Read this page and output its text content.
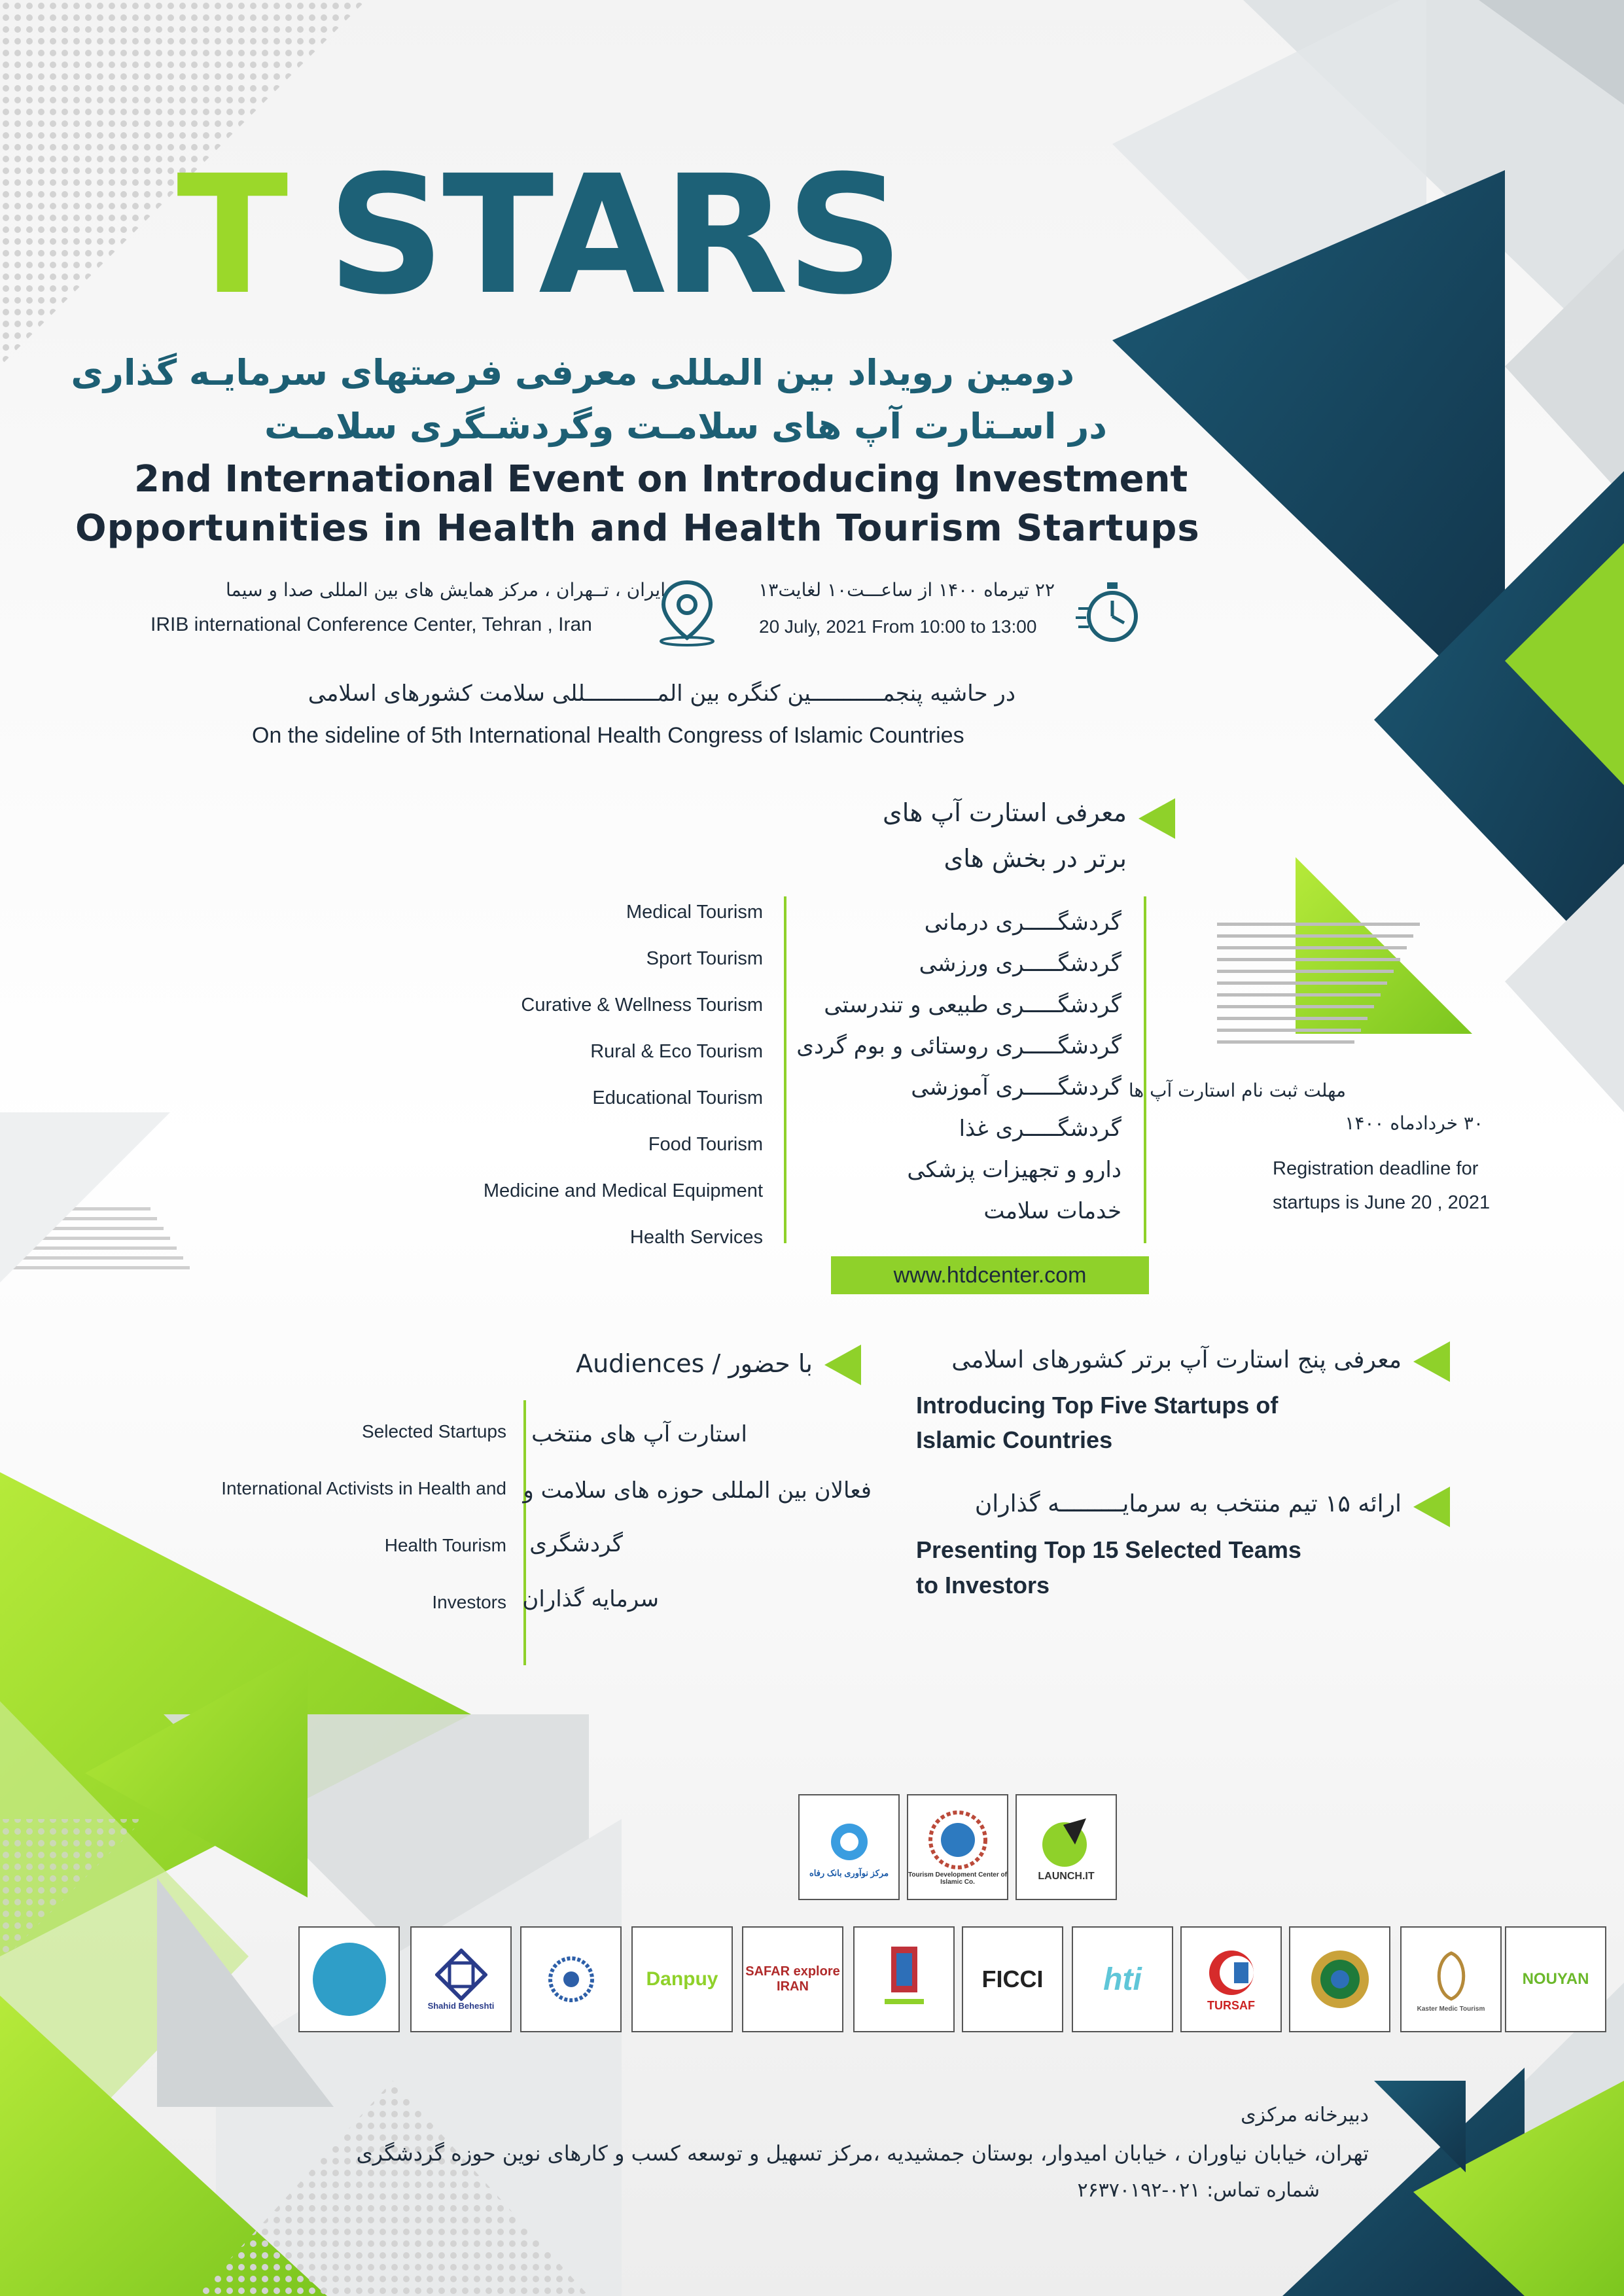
T STARS
دومین رویداد بین المللی معرفی فرصتهای سرمایـه گذاری
در اسـتارت آپ های سلامـت وگردشـگری سلامـت
2nd International Event on Introducing Investment
Opportunities in Health and Health Tourism Startups
ایران ، تــهران ، مرکز همایش های بین المللی صدا و سیما
IRIB international Conference Center, Tehran , Iran
۲۲ تیرماه ۱۴۰۰ از ساعـــت۱۰ لغایت۱۳
20 July, 2021 From 10:00 to 13:00
در حاشیه پنجمـــــــــــین کنگره بین المـــــــــــللی سلامت کشورهای اسلامی
On the sideline of 5th International Health Congress of Islamic Countries
معرفی استارت آپ های
برتر در بخش های
Medical Tourism
Sport Tourism
Curative & Wellness Tourism
Rural & Eco Tourism
Educational Tourism
Food Tourism
Medicine and Medical Equipment
Health Services
گردشگـــــری درمانی
گردشگـــــری ورزشی
گردشگـــــری طبیعی و تندرستی
گردشگـــــری روستائی و بوم گردی
گردشگـــــری آموزشی
گردشگـــــری غذا
دارو و تجهیزات پزشکی
خدمات سلامت
مهلت ثبت نام استارت آپ ها
۳۰ خردادماه ۱۴۰۰
Registration deadline for
startups is June 20 , 2021
www.htdcenter.com
با حضور / Audiences
Selected Startups
International Activists in Health and
Health Tourism
Investors
استارت آپ های منتخب
فعالان بین المللی حوزه های سلامت و
گردشگری
سرمایه گذاران
معرفی پنج استارت آپ برتر کشورهای اسلامی
Introducing Top Five Startups of
Islamic Countries
ارائه ۱۵ تیم منتخب به سرمایـــــــــه گذاران
Presenting Top 15 Selected Teams
to Investors
LAUNCH.IT
Tourism Development Center of Islamic Co.
مرکز نوآوری بانک رفاه
NOUYAN
Kaster Medic Tourism
TURSAF
hti
FICCI
SAFAR explore IRAN
Danpuy
Shahid Beheshti
دبیرخانه مرکزی
تهران، خیابان نیاوران ، خیابان امیدوار، بوستان جمشیدیه ،مرکز تسهیل و توسعه کسب و کارهای نوین حوزه گردشگری
شماره تماس: ۰۲۱-۲۶۳۷۰۱۹۲
